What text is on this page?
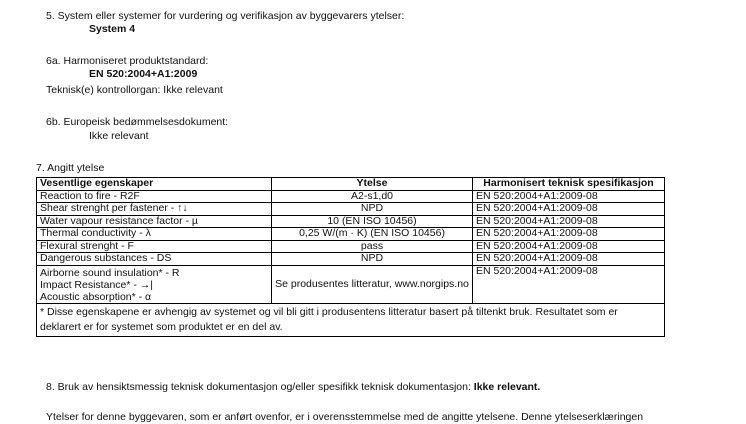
5. System eller systemer for vurdering og verifikasjon av byggevarers ytelser:
System 4
6a. Harmoniseret produktstandard:
EN 520:2004+A1:2009
Teknisk(e) kontrollorgan: Ikke relevant
6b. Europeisk bedømmelsesdokument:
Ikke relevant
7. Angitt ytelse
Vesentlige egenskaper	Ytelse	Harmonisert teknisk spesifikasjon
Reaction to fire - R2F	A2-s1,d0	EN 520:2004+A1:2009-08
Shear strenght per fastener - ↑↓	NPD	EN 520:2004+A1:2009-08
Water vapour resistance factor - µ	10 (EN ISO 10456)	EN 520:2004+A1:2009-08
Thermal conductivity - λ	0,25 W/(m · K) (EN ISO 10456)	EN 520:2004+A1:2009-08
Flexural strenght - F	pass	EN 520:2004+A1:2009-08
Dangerous substances - DS	NPD	EN 520:2004+A1:2009-08

Airborne sound insulation* - R
Impact Resistance* - →|
Acoustic absorption* - α	Se produsentes litteratur, www.norgips.no	EN 520:2004+A1:2009-08
* Disse egenskapene er avhengig av systemet og vil bli gitt i produsentens litteratur basert på tiltenkt bruk. Resultatet som er deklarert er for systemet som produktet er en del av.		
8. Bruk av hensiktsmessig teknisk dokumentasjon og/eller spesifikk teknisk dokumentasjon: Ikke relevant.
Ytelser for denne byggevaren, som er anført ovenfor, er i overensstemmelse med de angitte ytelsene. Denne ytelseserklæringen
